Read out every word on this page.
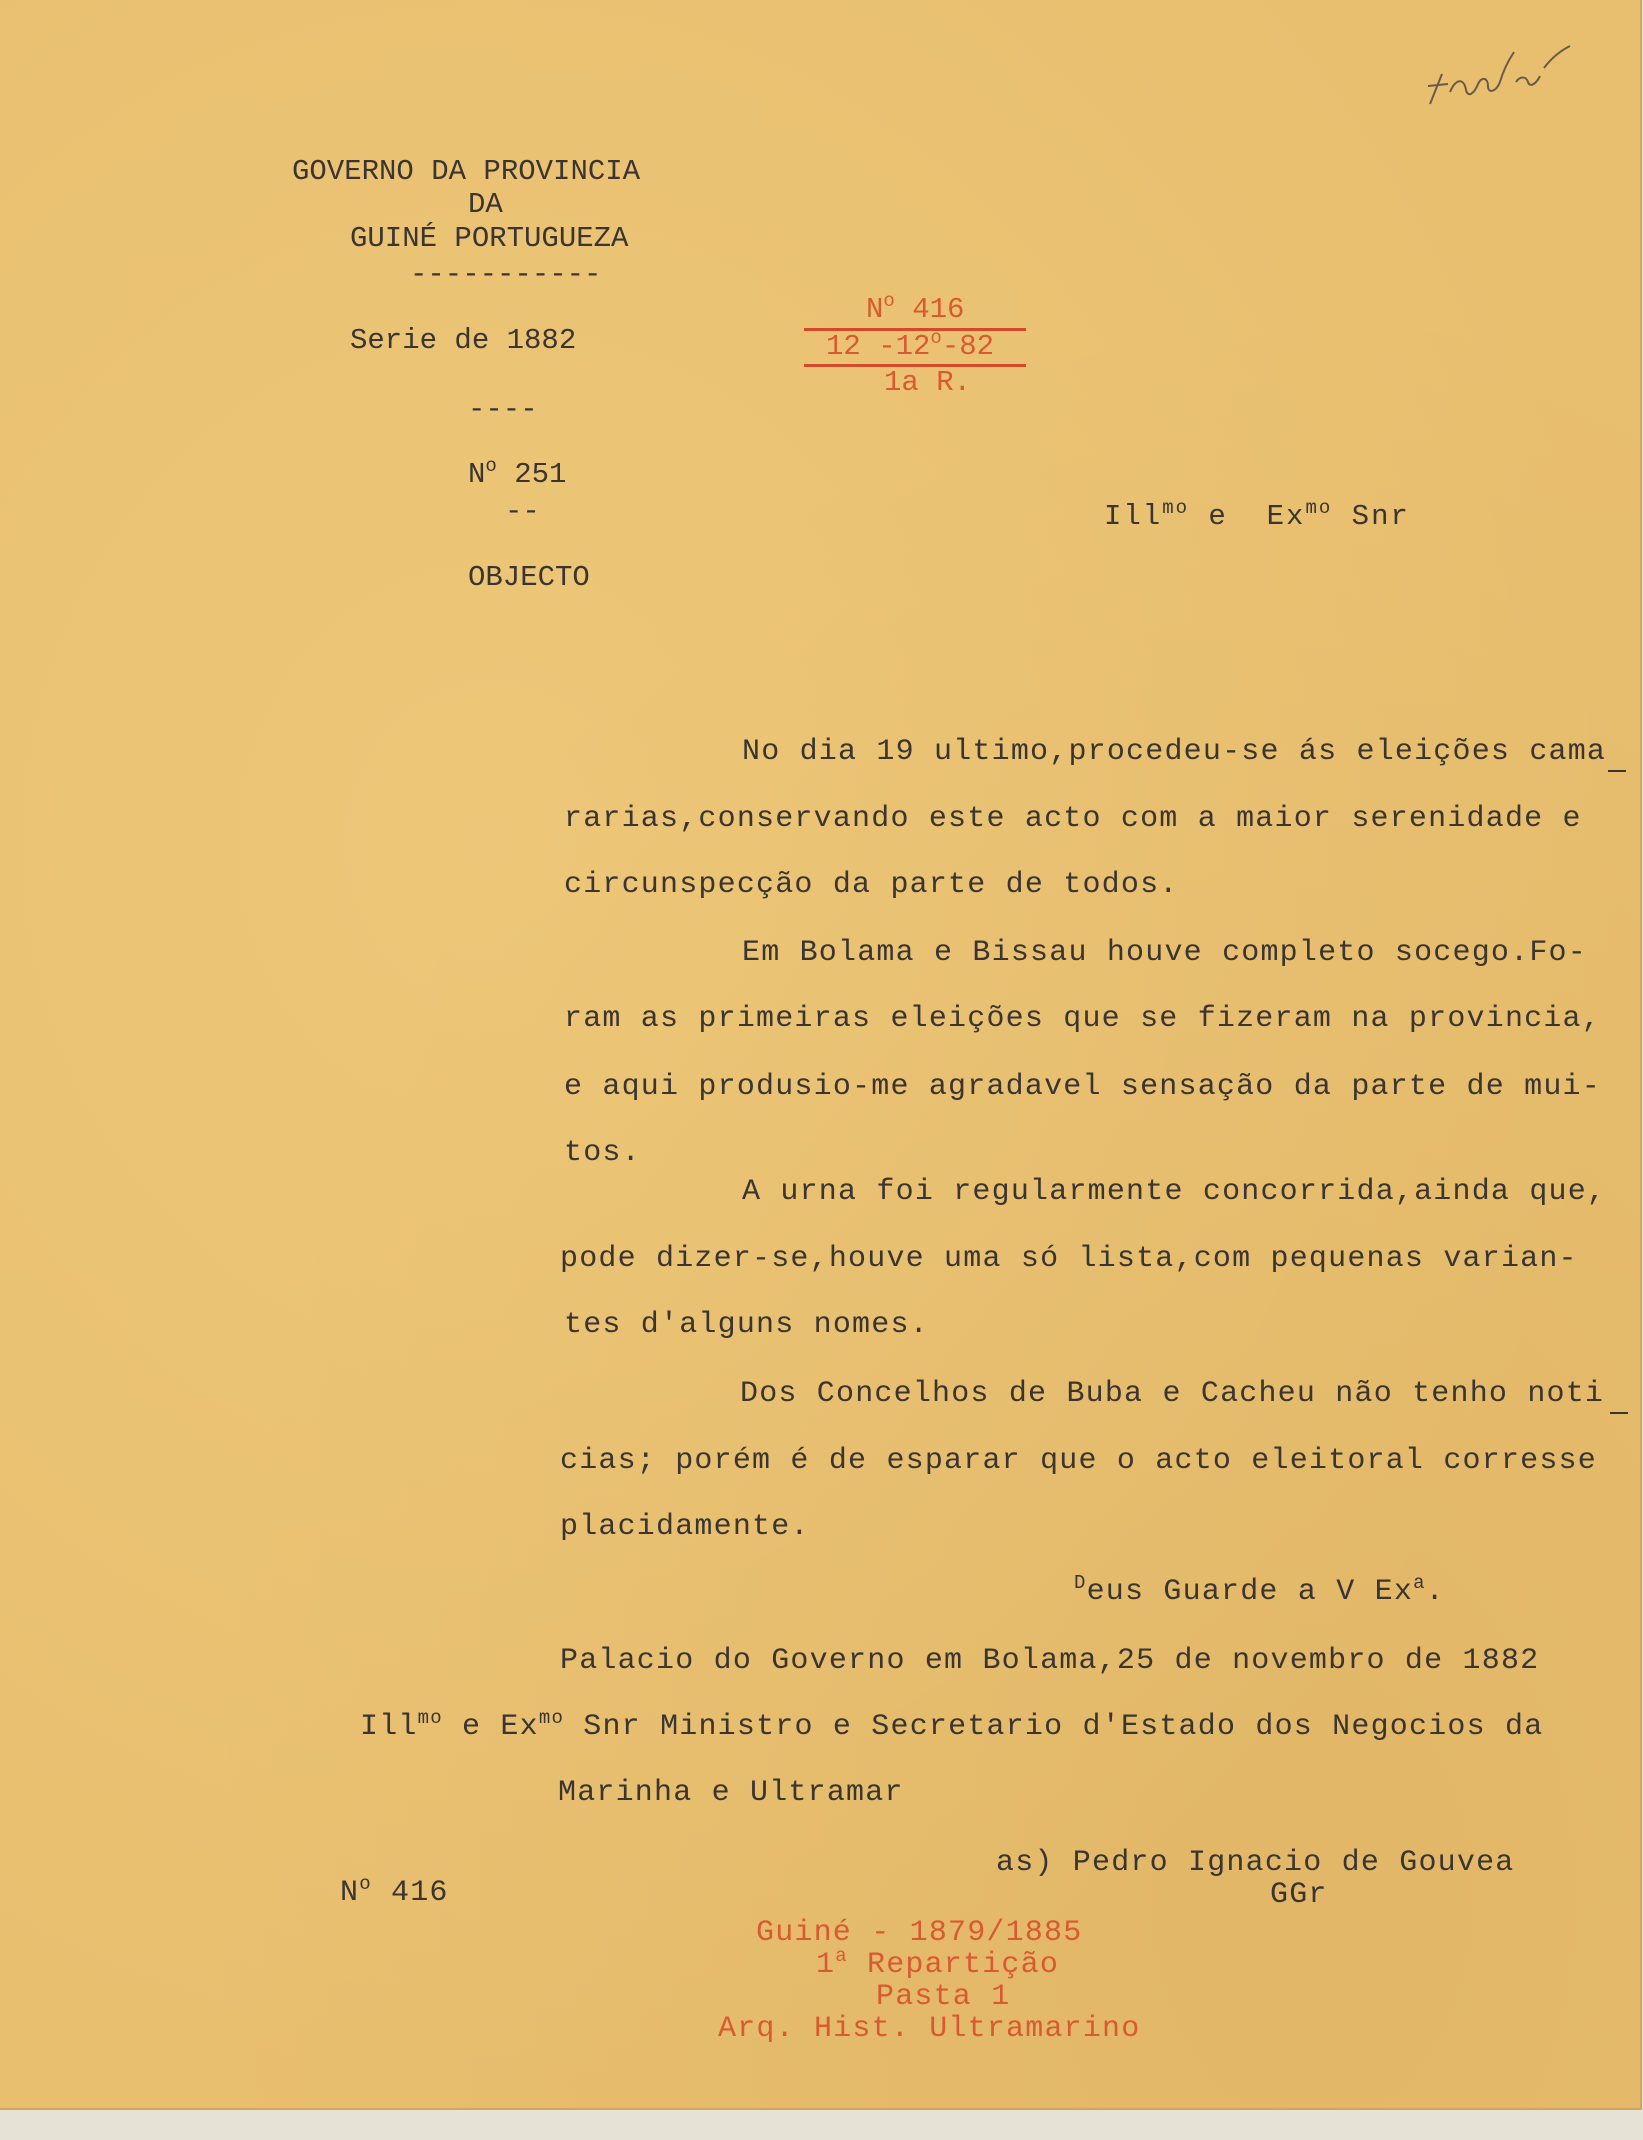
GOVERNO DA PROVINCIA
DA
GUINÉ PORTUGUEZA
-----------
Serie de 1882
----
$N^o$ 251
--
OBJECTO
$N^o$ 416
12 -12$^o$-82
1a R.
Ill$^{mo}$ e  $Ex^{mo}$ Snr
No dia 19 ultimo,procedeu-se ás eleições cama
rarias,conservando este acto com a maior serenidade e
circunspecção da parte de todos.
Em Bolama e Bissau houve completo socego.Fo-
ram as primeiras eleições que se fizeram na provincia,
e aqui produsio-me agradavel sensação da parte de mui-
tos.
A urna foi regularmente concorrida,ainda que,
pode dizer-se,houve uma só lista,com pequenas varian-
tes d'alguns nomes.
Dos Concelhos de Buba e Cacheu não tenho noti
cias; porém é de esparar que o acto eleitoral corresse
placidamente.
$^D$eus Guarde a V Ex$^a$.
Palacio do Governo em Bolama,25 de novembro de 1882
Ill$^{mo}$ e $Ex^{mo}$ Snr Ministro e Secretario d'Estado dos Negocios da
Marinha e Ultramar
as) Pedro Ignacio de Gouvea
GGr
$N^o$ 416
Guiné - 1879/1885
1$^a$ Repartição
Pasta 1
Arq. Hist. Ultramarino
